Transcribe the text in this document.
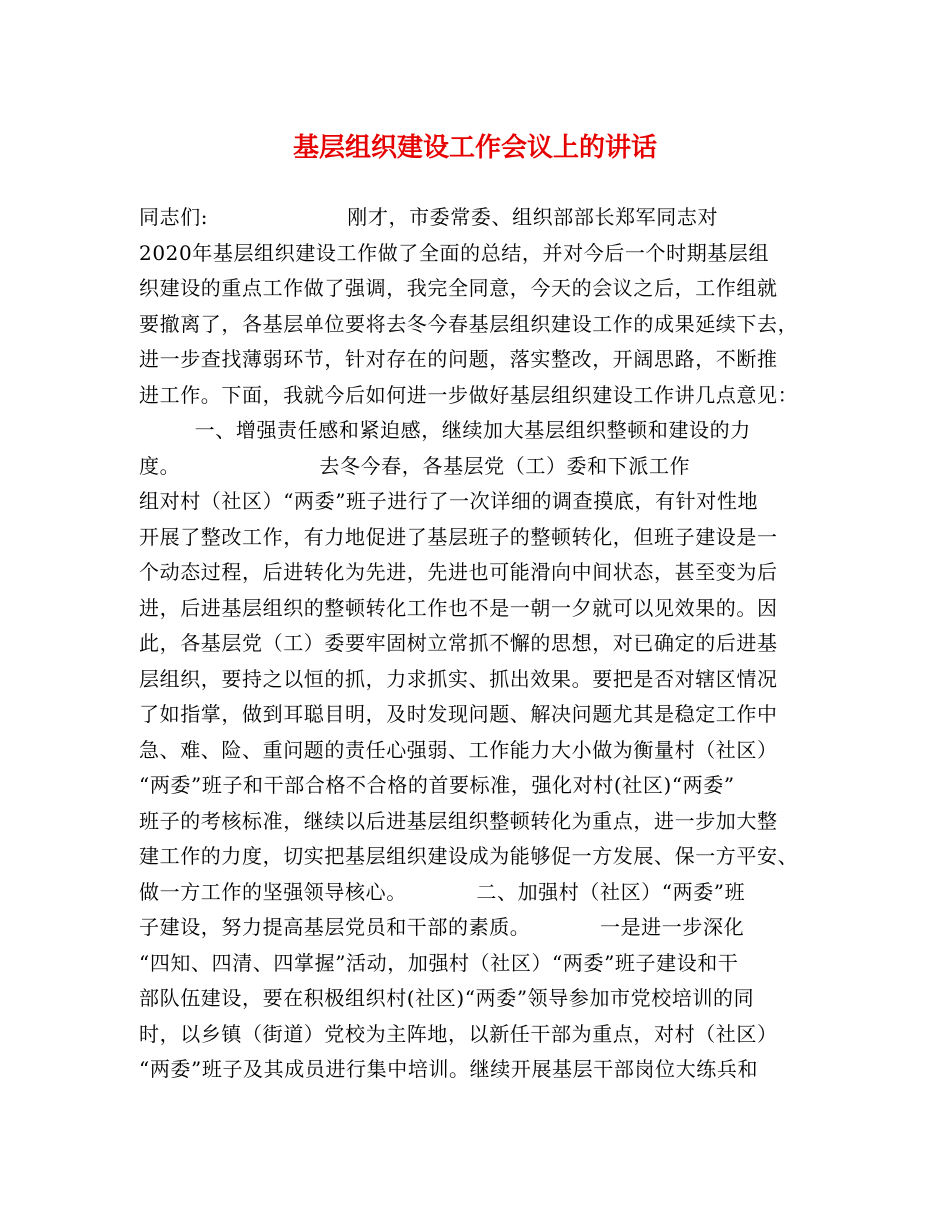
基层组织建设工作会议上的讲话
同志们:                    刚才，市委常委、组织部部长郑军同志对
2020年基层组织建设工作做了全面的总结，并对今后一个时期基层组
织建设的重点工作做了强调，我完全同意，今天的会议之后，工作组就
要撤离了，各基层单位要将去冬今春基层组织建设工作的成果延续下去，
进一步查找薄弱环节，针对存在的问题，落实整改，开阔思路，不断推
进工作。下面，我就今后如何进一步做好基层组织建设工作讲几点意见：
一、增强责任感和紧迫感，继续加大基层组织整顿和建设的力
度。                    去冬今春，各基层党（工）委和下派工作
组对村（社区）“两委”班子进行了一次详细的调查摸底，有针对性地
开展了整改工作，有力地促进了基层班子的整顿转化，但班子建设是一
个动态过程，后进转化为先进，先进也可能滑向中间状态，甚至变为后
进，后进基层组织的整顿转化工作也不是一朝一夕就可以见效果的。因
此，各基层党（工）委要牢固树立常抓不懈的思想，对已确定的后进基
层组织，要持之以恒的抓，力求抓实、抓出效果。要把是否对辖区情况
了如指掌，做到耳聪目明，及时发现问题、解决问题尤其是稳定工作中
急、难、险、重问题的责任心强弱、工作能力大小做为衡量村（社区）
“两委”班子和干部合格不合格的首要标准，强化对村(社区)“两委”
班子的考核标准，继续以后进基层组织整顿转化为重点，进一步加大整
建工作的力度，切实把基层组织建设成为能够促一方发展、保一方平安、
做一方工作的坚强领导核心。          二、加强村（社区）“两委”班
子建设，努力提高基层党员和干部的素质。          一是进一步深化
“四知、四清、四掌握”活动，加强村（社区）“两委”班子建设和干
部队伍建设，要在积极组织村(社区)“两委”领导参加市党校培训的同
时，以乡镇（街道）党校为主阵地，以新任干部为重点，对村（社区）
“两委”班子及其成员进行集中培训。继续开展基层干部岗位大练兵和
